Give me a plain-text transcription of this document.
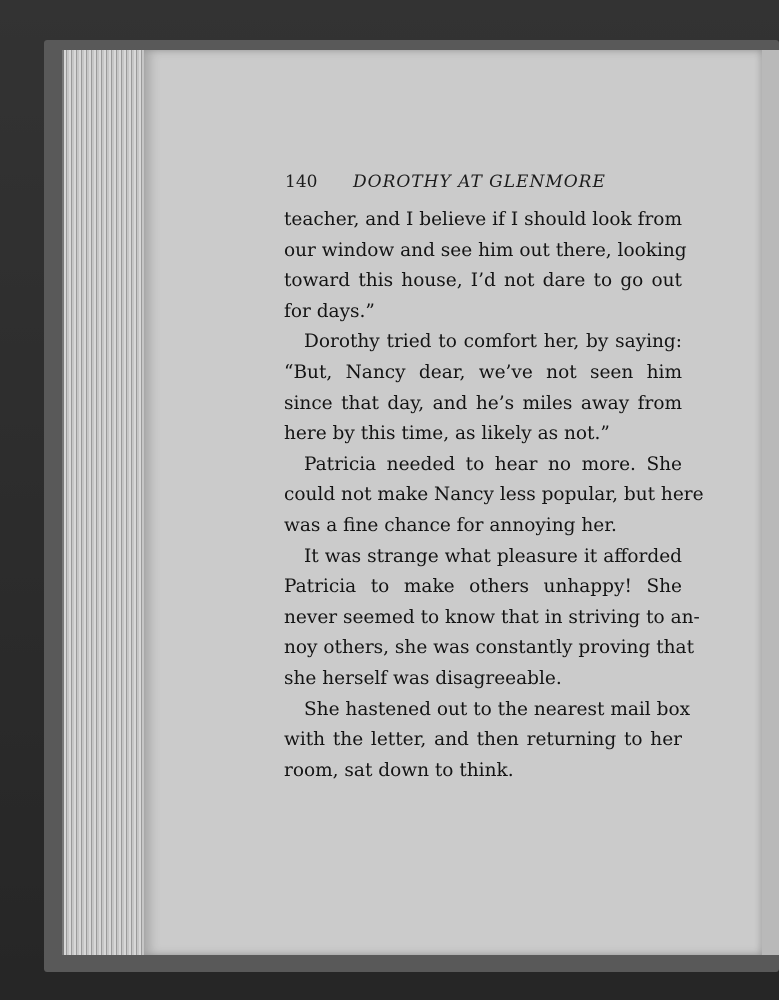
140 DOROTHY AT GLENMORE
teacher, and I believe if I should look from
our window and see him out there, looking
toward this house, I’d not dare to go out
for days.”
Dorothy tried to comfort her, by saying:
“But, Nancy dear, we’ve not seen him
since that day, and he’s miles away from
here by this time, as likely as not.”
Patricia needed to hear no more. She
could not make Nancy less popular, but here
was a fine chance for annoying her.
It was strange what pleasure it afforded
Patricia to make others unhappy! She
never seemed to know that in striving to an-
noy others, she was constantly proving that
she herself was disagreeable.
She hastened out to the nearest mail box
with the letter, and then returning to her
room, sat down to think.
